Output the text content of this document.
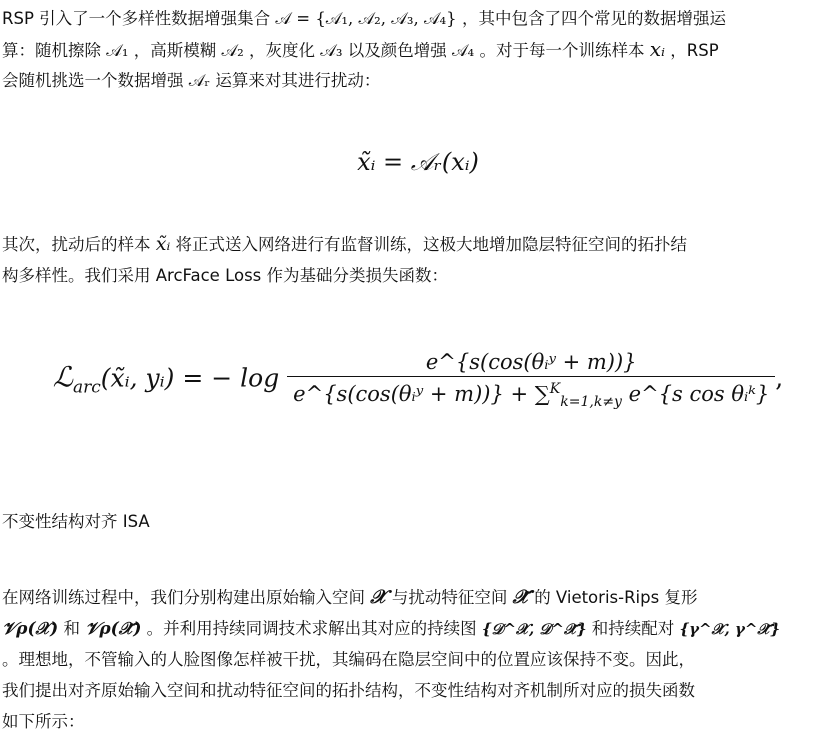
RSP 引入了一个多样性数据增强集合 𝒜 = {𝒜₁, 𝒜₂, 𝒜₃, 𝒜₄} ，其中包含了四个常见的数据增强运
算：随机擦除 𝒜₁ ，高斯模糊 𝒜₂ ，灰度化 𝒜₃ 以及颜色增强 𝒜₄ 。对于每一个训练样本 xᵢ ，RSP
会随机挑选一个数据增强 𝒜ᵣ 运算来对其进行扰动：
x̃ᵢ = 𝒜ᵣ(xᵢ)
其次，扰动后的样本 x̃ᵢ 将正式送入网络进行有监督训练，这极大地增加隐层特征空间的拓扑结
构多样性。我们采用 ArcFace Loss 作为基础分类损失函数：
ℒ$_{arc}$(x̃ᵢ, yᵢ) = − $\log \frac{\text{e\textasciicircum{}\{s(cos(θᵢʸ + m))\}}}{e\^{}\{s(\cos(\theta ᵢʸ + m))\} + \sum^K_{k=1,k\ne y} e\^{}\{s \cos \theta ᵢᵏ\}}$ ,
不变性结构对齐 ISA
在网络训练过程中，我们分别构建出原始输入空间 𝒳 与扰动特征空间 𝒳̃ 的 Vietoris-Rips 复形
𝒱ρ(𝒳) 和 𝒱ρ(𝒳̃) 。并利用持续同调技术求解出其对应的持续图 {𝒟^𝒳, 𝒟^𝒳̃} 和持续配对 {γ^𝒳, γ^𝒳̃}
。理想地，不管输入的人脸图像怎样被干扰，其编码在隐层空间中的位置应该保持不变。因此，
我们提出对齐原始输入空间和扰动特征空间的拓扑结构，不变性结构对齐机制所对应的损失函数
如下所示：
